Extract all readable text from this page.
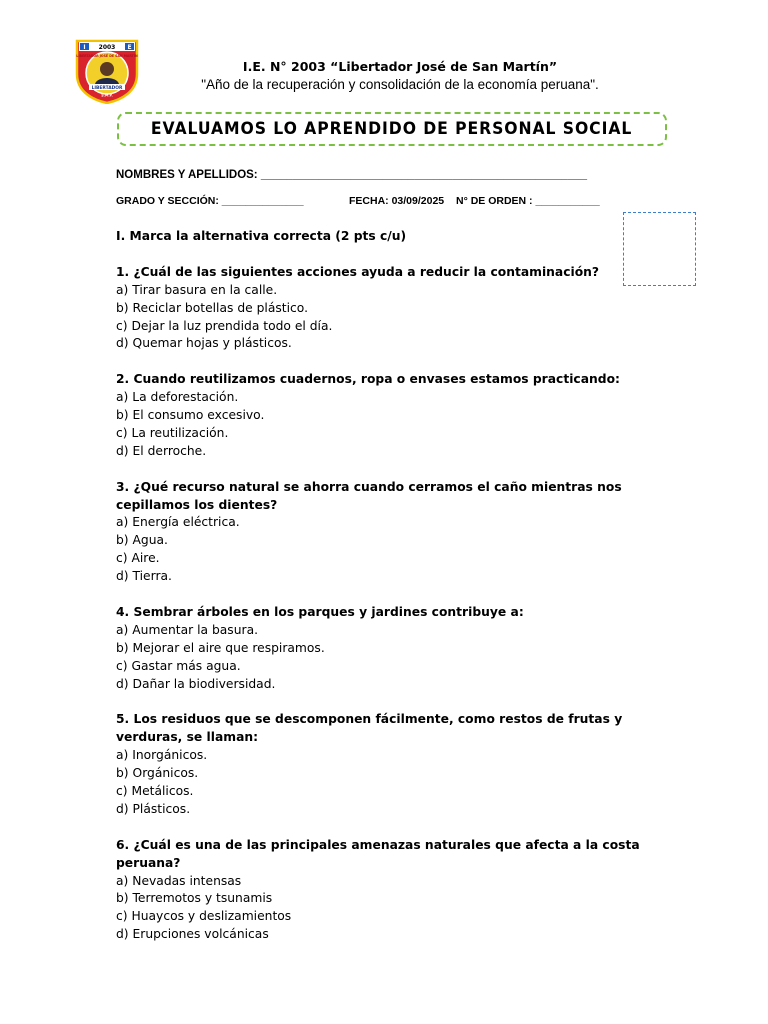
I 2003 E
LIBERTADOR JOSÉ DE SAN MARTÍN
LIBERTADOR
S.M.P.
I.E. N° 2003 “Libertador José de San Martín”
"Año de la recuperación y consolidación de la economía peruana".
EVALUAMOS LO APRENDIDO DE PERSONAL SOCIAL
NOMBRES Y APELLIDOS: ___________________________________________________
GRADO Y SECCIÓN: ______________	FECHA: 03/09/2025 N° DE ORDEN : ___________
I. Marca la alternativa correcta (2 pts c/u)
1. ¿Cuál de las siguientes acciones ayuda a reducir la contaminación?
a) Tirar basura en la calle.
b) Reciclar botellas de plástico.
c) Dejar la luz prendida todo el día.
d) Quemar hojas y plásticos.
2. Cuando reutilizamos cuadernos, ropa o envases estamos practicando:
a) La deforestación.
b) El consumo excesivo.
c) La reutilización.
d) El derroche.
3. ¿Qué recurso natural se ahorra cuando cerramos el caño mientras nos cepillamos los dientes?
a) Energía eléctrica.
b) Agua.
c) Aire.
d) Tierra.
4. Sembrar árboles en los parques y jardines contribuye a:
a) Aumentar la basura.
b) Mejorar el aire que respiramos.
c) Gastar más agua.
d) Dañar la biodiversidad.
5. Los residuos que se descomponen fácilmente, como restos de frutas y verduras, se llaman:
a) Inorgánicos.
b) Orgánicos.
c) Metálicos.
d) Plásticos.
6. ¿Cuál es una de las principales amenazas naturales que afecta a la costa peruana?
a) Nevadas intensas
b) Terremotos y tsunamis
c) Huaycos y deslizamientos
d) Erupciones volcánicas
